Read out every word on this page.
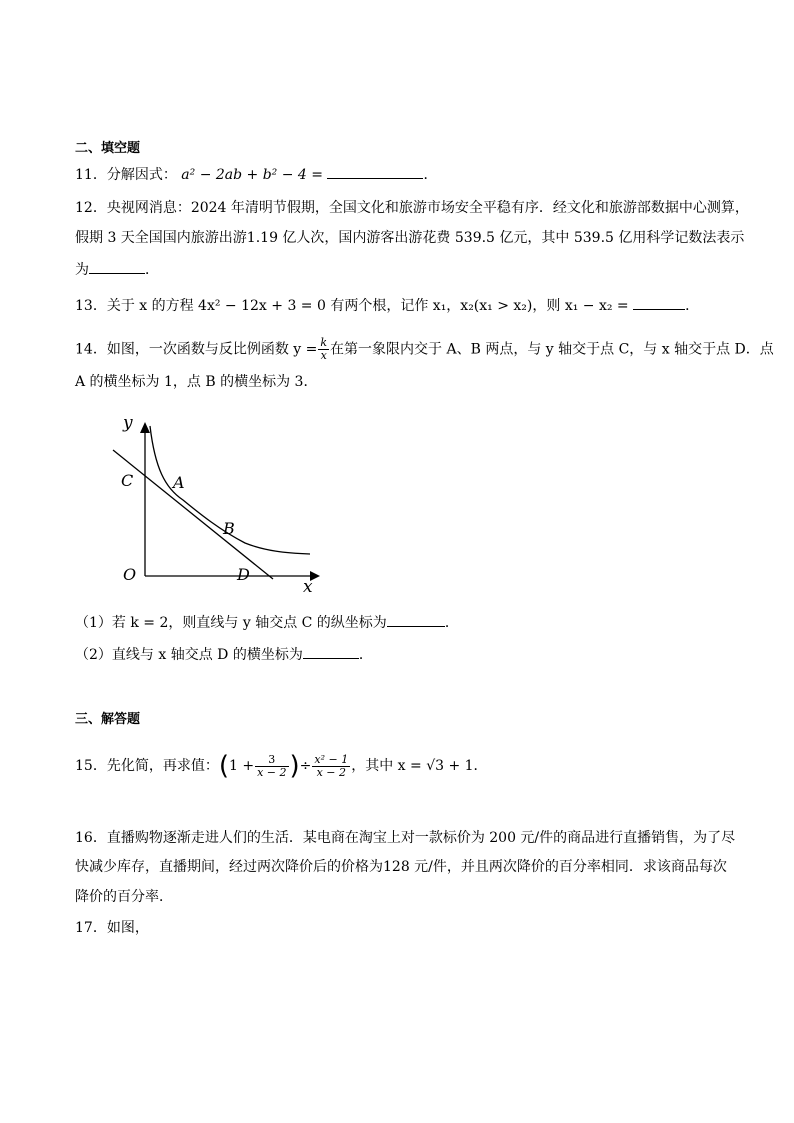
二、填空题
11．分解因式： a² − 2ab + b² − 4 =	．
12．央视网消息：2024 年清明节假期，全国文化和旅游市场安全平稳有序．经文化和旅游部数据中心测算，
假期 3 天全国国内旅游出游1.19 亿人次，国内游客出游花费 539.5 亿元，其中 539.5 亿用科学记数法表示
为	．
13．关于 x 的方程 4x² − 12x + 3 = 0 有两个根，记作 x₁，x₂(x₁ > x₂)，则 x₁ − x₂ =	．
14．如图，一次函数与反比例函数 $y = \frac{k}{x}$ 在第一象限内交于 A、B 两点，与 y 轴交于点 C，与 x 轴交于点 D．点
A 的横坐标为 1，点 B 的横坐标为 3．
y
x
O
C A
B
D
（1）若 k = 2，则直线与 y 轴交点 C 的纵坐标为	．
（2）直线与 x 轴交点 D 的横坐标为	．
三、解答题
15．先化简，再求值：($1 + \frac{3}{x - 2}$ )÷ $\frac{\text{x² − 1}}{x - 2}$ ，其中 x = √3 + 1．
16．直播购物逐渐走进人们的生活．某电商在淘宝上对一款标价为 200 元/件的商品进行直播销售，为了尽
快减少库存，直播期间，经过两次降价后的价格为128 元/件，并且两次降价的百分率相同．求该商品每次
降价的百分率．
17．如图，
